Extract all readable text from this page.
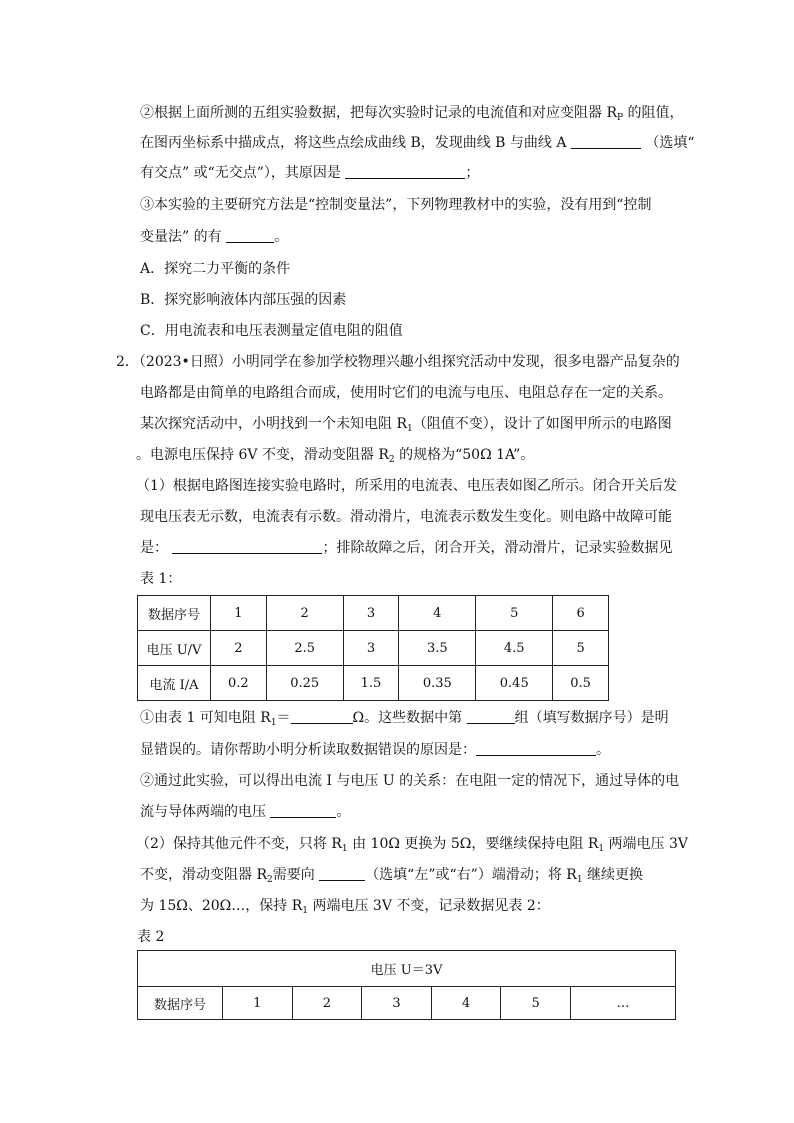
②根据上面所测的五组实验数据，把每次实验时记录的电流值和对应变阻器 $R_P$ 的阻值，
在图丙坐标系中描成点，将这些点绘成曲线 B，发现曲线 B 与曲线 A	（选填“
有交点” 或“无交点”），其原因是	；
③本实验的主要研究方法是“控制变量法”，下列物理教材中的实验，没有用到“控制
变量法” 的有	。
A．探究二力平衡的条件
B．探究影响液体内部压强的因素
C．用电流表和电压表测量定值电阻的阻值
2．（2023•日照）小明同学在参加学校物理兴趣小组探究活动中发现，很多电器产品复杂的
电路都是由简单的电路组合而成，使用时它们的电流与电压、电阻总存在一定的关系。
某次探究活动中，小明找到一个未知电阻 $R_1$（阻值不变），设计了如图甲所示的电路图
。电源电压保持 6V 不变，滑动变阻器 $R_2$ 的规格为“50Ω 1A”。
（1）根据电路图连接实验电路时，所采用的电流表、电压表如图乙所示。闭合开关后发
现电压表无示数，电流表有示数。滑动滑片，电流表示数发生变化。则电路中故障可能
是：	；排除故障之后，闭合开关，滑动滑片，记录实验数据见
表 1：
数据序号	1	2	3	4	5	6
电压 U/V	2	2.5	3	3.5	4.5	5
电流 I/A	0.2	0.25	1.5	0.35	0.45	0.5
①由表 1 可知电阻 $R_1=$	Ω。这些数据中第	组（填写数据序号）是明
显错误的。请你帮助小明分析读取数据错误的原因是：	。
②通过此实验，可以得出电流 I 与电压 U 的关系：在电阻一定的情况下，通过导体的电
流与导体两端的电压	。
（2）保持其他元件不变，只将 $R_1$ 由 10Ω 更换为 5Ω，要继续保持电阻 $R_1$ 两端电压 3V
不变，滑动变阻器 $R_2$需要向	（选填“左”或“右”）端滑动；将 $R_1$ 继续更换
为 15Ω、20Ω…，保持 $R_1$ 两端电压 3V 不变，记录数据见表 2：
表 2
电压 U＝3V
数据序号	1	2	3	4	5	…
